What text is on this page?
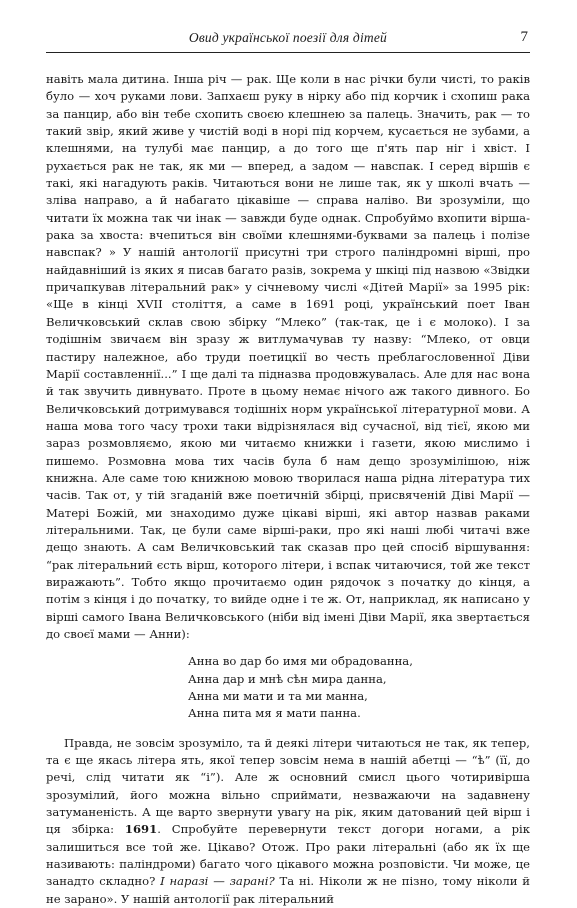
Овид української поезії для дітей	7

навіть мала дитина. Інша річ — рак. Ще коли в нас річки були чисті, то раків було — хоч руками лови. Запхаєш руку в нірку або під корчик і схопиш рака за панцир, або він тебе схопить своєю клешнею за палець. Значить, рак — то такий звір, який живе у чистій воді в норі під корчем, кусається не зубами, а клешнями, на тулубі має панцир, а до того ще п'ять пар ніг і хвіст. І рухається рак не так, як ми — вперед, а задом — навспак. І серед віршів є такі, які нагадують раків. Читаються вони не лише так, як у школі вчать — зліва направо, а й набагато цікавіше — справа наліво. Ви зрозуміли, що читати їх можна так чи інак — завжди буде однак. Спробуймо вхопити вірша-рака за хвоста: вчепиться він своїми клешнями-буквами за палець і полізе навспак? » У нашій антології присутні три строго паліндромні вірші, про найдавніший із яких я писав багато разів, зокрема у шкіці під назвою «Звідки причапкував літеральний рак» у січневому числі «Дітей Марії» за 1995 рік: «Ще в кінці XVII століття, а саме в 1691 році, український поет Іван Величковський склав свою збірку “Млеко” (так-так, це і є молоко). І за тодішнім звичаєм він зразу ж витлумачував ту назву: “Млеко, от овци пастиру належное, або труди поетицкії во честь преблагословенної Діви Марії составленнії...” І ще далі та підназва продовжувалась. Але для нас вона й так звучить дивнувато. Проте в цьому немає нічого аж такого дивного. Бо Величковський дотримувався тодішніх норм української літературної мови. А наша мова того часу трохи таки відрізнялася від сучасної, від тієї, якою ми зараз розмовляємо, якою ми читаємо книжки і газети, якою мислимо і пишемо. Розмовна мова тих часів була б нам дещо зрозумілішою, ніж книжна. Але саме тою книжною мовою творилася наша рідна література тих часів. Так от, у тій згаданій вже поетичній збірці, присвяченій Діві Марії — Матері Божій, ми знаходимо дуже цікаві вірші, які автор назвав раками літеральними. Так, це були саме вірші-раки, про які наші любі читачі вже дещо знають. А сам Величковський так сказав про цей спосіб віршування: “рак літеральний єсть вірш, которого літери, і вспак читаючися, той же текст виражають”. Тобто якщо прочитаємо один рядочок з початку до кінця, а потім з кінця і до початку, то вийде одне і те ж. От, наприклад, як написано у вірші самого Івана Величковського (ніби від імені Діви Марії, яка звертається до своєї мами — Анни):

Анна во дар бо имя ми обрадованна,
Анна дар и мнѣ сѣн мира данна,
Анна ми мати и та ми манна,
Анна пита мя я мати панна.

Правда, не зовсім зрозуміло, та й деякі літери читаються не так, як тепер, та є ще якась літера ять, якої тепер зовсім нема в нашій абетці — “ѣ” (її, до речі, слід читати як “і”). Але ж основний смисл цього чотиривірша зрозумілий, його можна вільно сприймати, незважаючи на задавнену затуманеність. А ще варто звернути увагу на рік, яким датований цей вірш і ця збірка: 1691. Спробуйте перевернути текст догори ногами, а рік залишиться все той же. Цікаво? Отож. Про раки літеральні (або як їх ще називають: паліндроми) багато чого цікавого можна розповісти. Чи може, це занадто складно? І наразі — зарані? Та ні. Ніколи ж не пізно, тому ніколи й не зарано». У нашій антології рак літеральний
